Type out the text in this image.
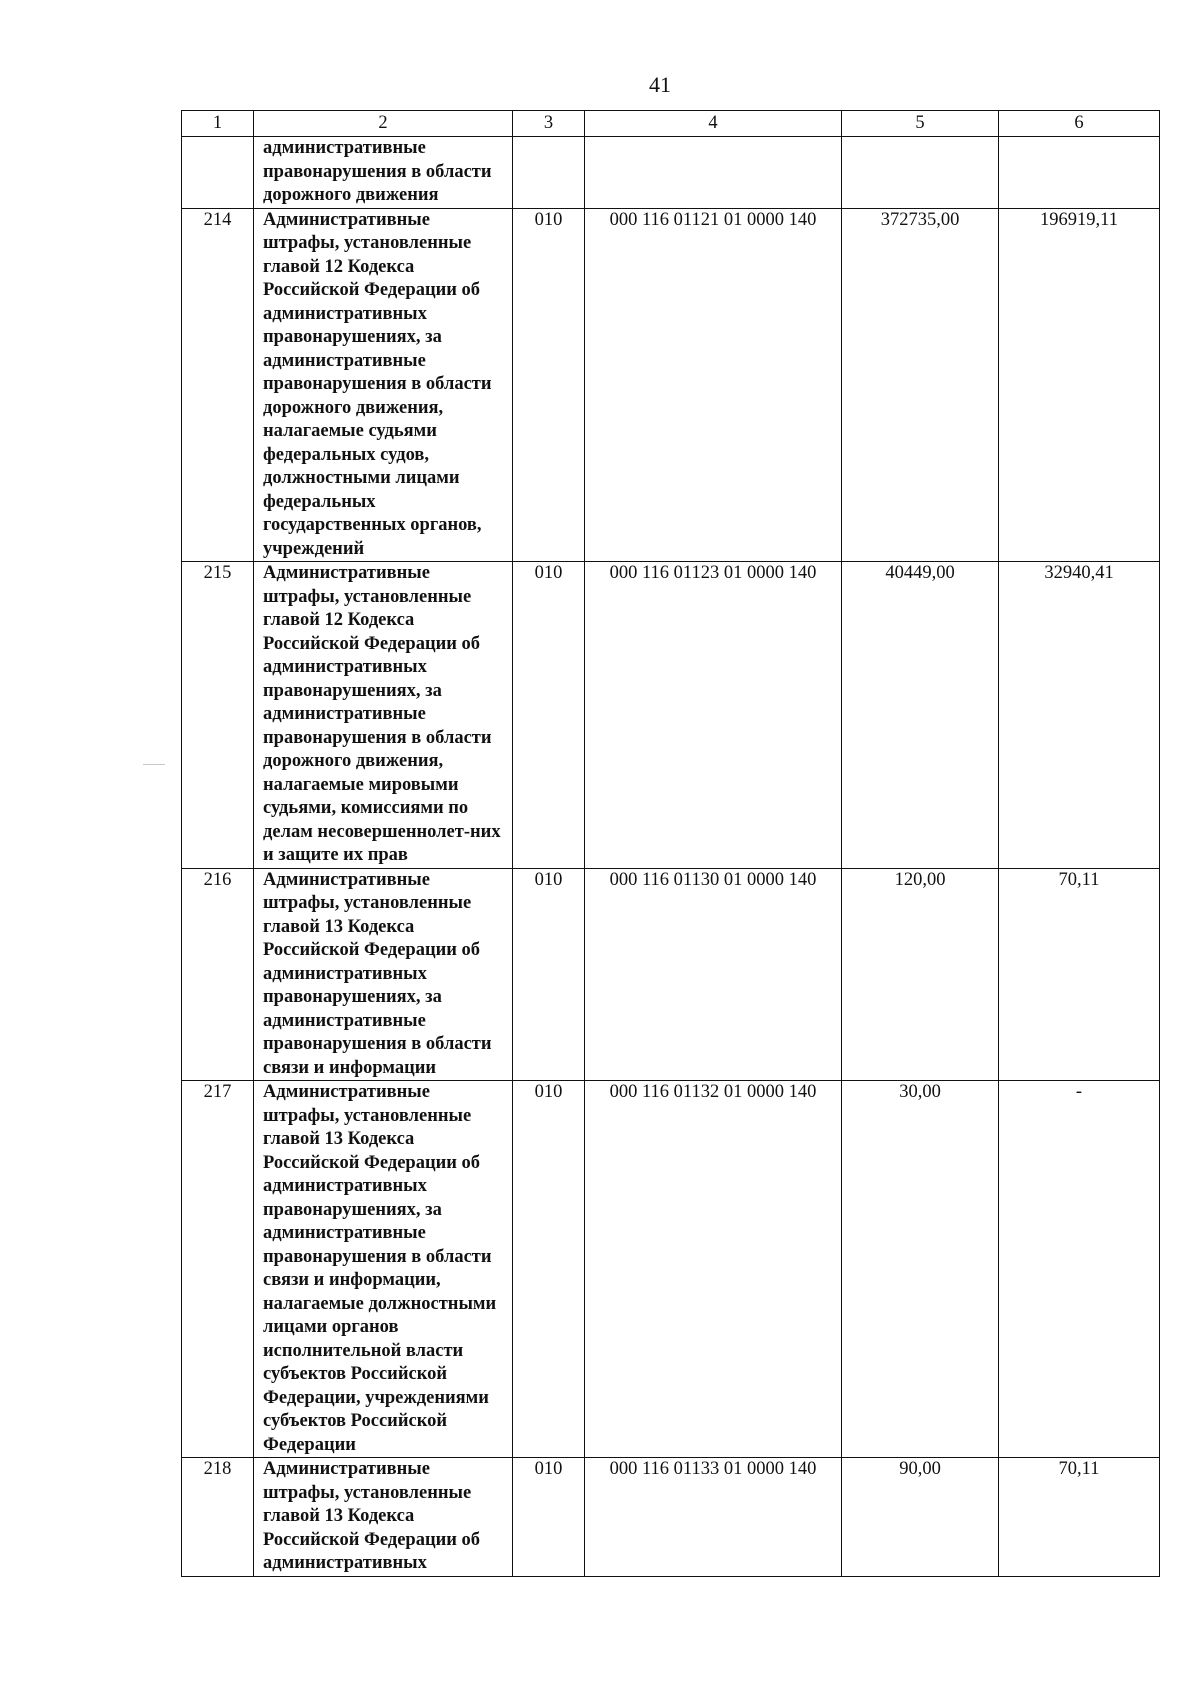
41
1	2	3	4	5	6
	административные правонарушения в области дорожного движения				
214	Административные штрафы, установленные главой 12 Кодекса Российской Федерации об административных правонарушениях, за административные правонарушения в области дорожного движения, налагаемые судьями федеральных судов, должностными лицами федеральных государственных органов, учреждений	010	000 116 01121 01 0000 140	372735,00	196919,11
215	Административные штрафы, установленные главой 12 Кодекса Российской Федерации об административных правонарушениях, за административные правонарушения в области дорожного движения, налагаемые мировыми судьями, комиссиями по делам несовершеннолет-них и защите их прав	010	000 116 01123 01 0000 140	40449,00	32940,41
216	Административные штрафы, установленные главой 13 Кодекса Российской Федерации об административных правонарушениях, за административные правонарушения в области связи и информации	010	000 116 01130 01 0000 140	120,00	70,11
217	Административные штрафы, установленные главой 13 Кодекса Российской Федерации об административных правонарушениях, за административные правонарушения в области связи и информации, налагаемые должностными лицами органов исполнительной власти субъектов Российской Федерации, учреждениями субъектов Российской Федерации	010	000 116 01132 01 0000 140	30,00	-
218	Административные штрафы, установленные главой 13 Кодекса Российской Федерации об административных	010	000 116 01133 01 0000 140	90,00	70,11
